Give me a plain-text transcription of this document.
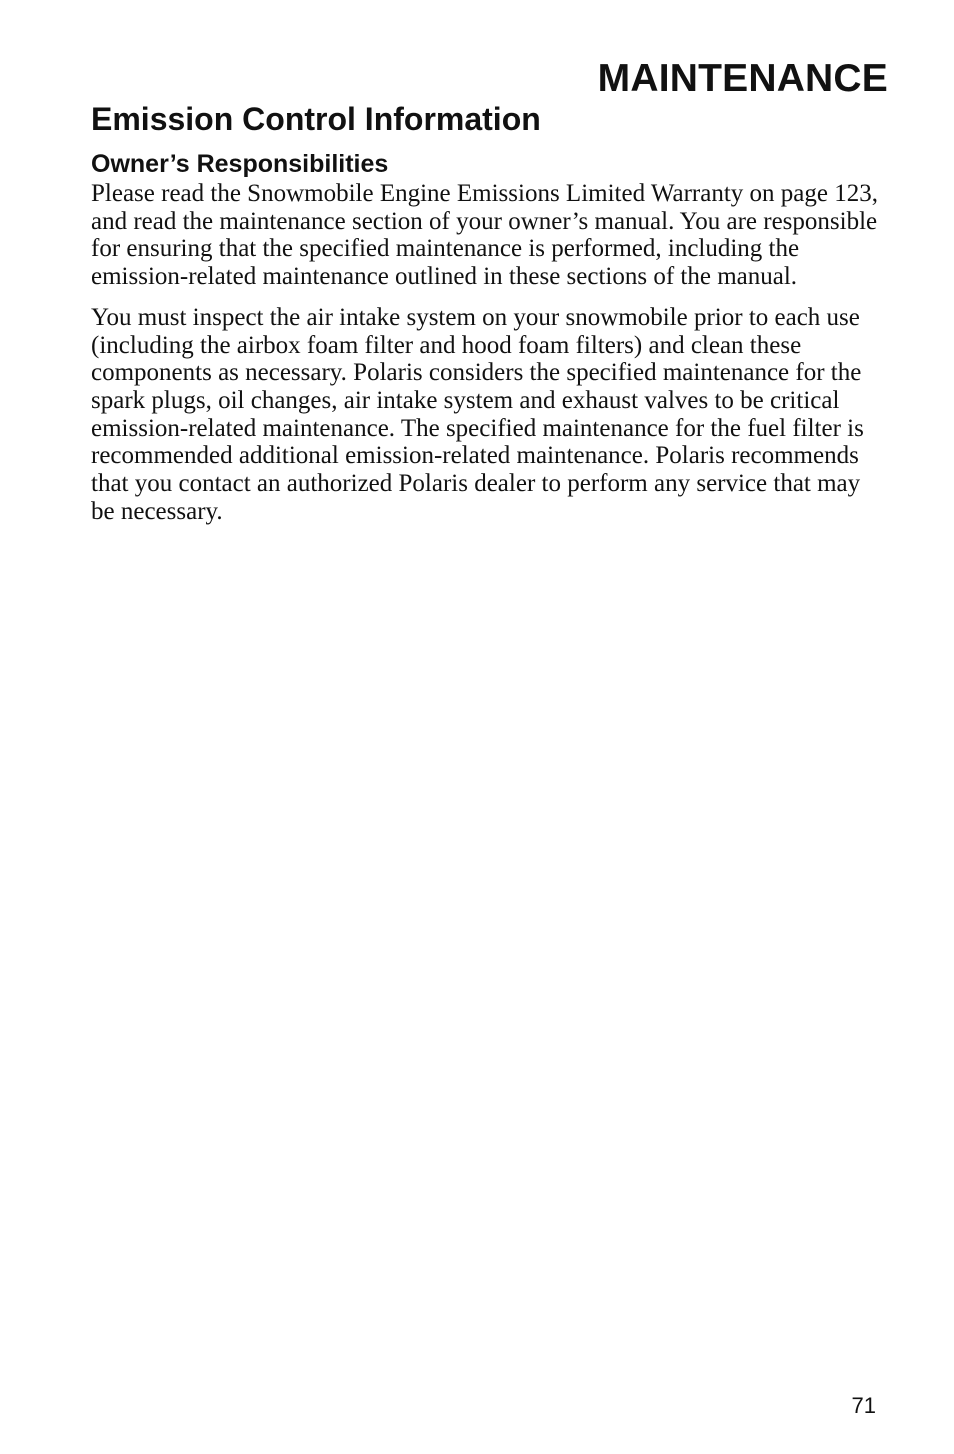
MAINTENANCE
Emission Control Information
Owner’s Responsibilities

Please read the Snowmobile Engine Emissions Limited Warranty on page 123, and read the maintenance section of your owner’s manual. You are responsible for ensuring that the specified maintenance is performed, including the emission-related maintenance outlined in these sections of the manual.

You must inspect the air intake system on your snowmobile prior to each use (including the airbox foam filter and hood foam filters) and clean these components as necessary. Polaris considers the specified maintenance for the spark plugs, oil changes, air intake system and exhaust valves to be critical emission-related maintenance. The specified maintenance for the fuel filter is recommended additional emission-related maintenance. Polaris recommends that you contact an authorized Polaris dealer to perform any service that may be necessary.

71
